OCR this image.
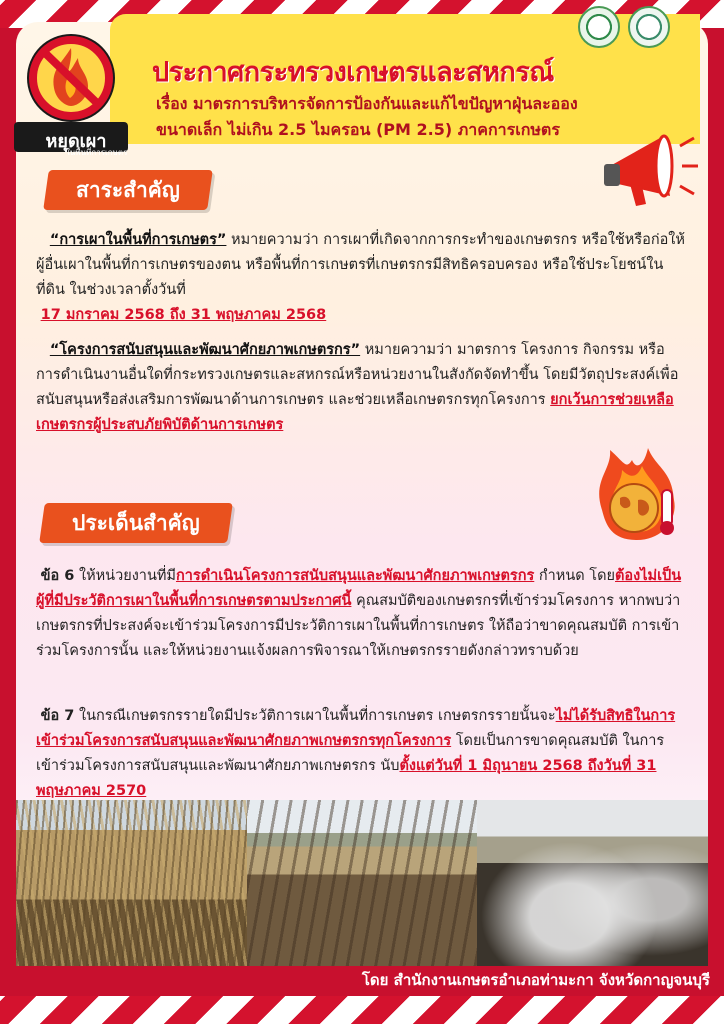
หยุดเผา
ในพื้นที่การเกษตร
ประกาศกระทรวงเกษตรและสหกรณ์
เรื่อง มาตรการบริหารจัดการป้องกันและแก้ไขปัญหาฝุ่นละออง
ขนาดเล็ก ไม่เกิน 2.5 ไมครอน (PM 2.5) ภาคการเกษตร
สาระสำคัญ
“การเผาในพื้นที่การเกษตร” หมายความว่า การเผาที่เกิดจากการกระทำของเกษตรกร หรือใช้หรือก่อให้ผู้อื่นเผาในพื้นที่การเกษตรของตน หรือพื้นที่การเกษตรที่เกษตรกรมีสิทธิครอบครอง หรือใช้ประโยชน์ในที่ดิน ในช่วงเวลาตั้งวันที่
17 มกราคม 2568 ถึง 31 พฤษภาคม 2568
“โครงการสนับสนุนและพัฒนาศักยภาพเกษตรกร” หมายความว่า มาตรการ โครงการ กิจกรรม หรือการดำเนินงานอื่นใดที่กระทรวงเกษตรและสหกรณ์หรือหน่วยงานในสังกัดจัดทำขึ้น โดยมีวัตถุประสงค์เพื่อสนับสนุนหรือส่งเสริมการพัฒนาด้านการเกษตร และช่วยเหลือเกษตรกรทุกโครงการ ยกเว้นการช่วยเหลือเกษตรกรผู้ประสบภัยพิบัติด้านการเกษตร
ประเด็นสำคัญ
ข้อ 6 ให้หน่วยงานที่มีการดำเนินโครงการสนับสนุนและพัฒนาศักยภาพเกษตรกร กำหนด โดยต้องไม่เป็นผู้ที่มีประวัติการเผาในพื้นที่การเกษตรตามประกาศนี้ คุณสมบัติของเกษตรกรที่เข้าร่วมโครงการ หากพบว่าเกษตรกรที่ประสงค์จะเข้าร่วมโครงการมีประวัติการเผาในพื้นที่การเกษตร ให้ถือว่าขาดคุณสมบัติ การเข้าร่วมโครงการนั้น และให้หน่วยงานแจ้งผลการพิจารณาให้เกษตรกรรายดังกล่าวทราบด้วย
ข้อ 7 ในกรณีเกษตรกรรายใดมีประวัติการเผาในพื้นที่การเกษตร เกษตรกรรายนั้นจะไม่ได้รับสิทธิในการเข้าร่วมโครงการสนับสนุนและพัฒนาศักยภาพเกษตรกรทุกโครงการ โดยเป็นการขาดคุณสมบัติ ในการเข้าร่วมโครงการสนับสนุนและพัฒนาศักยภาพเกษตรกร นับตั้งแต่วันที่ 1 มิถุนายน 2568 ถึงวันที่ 31 พฤษภาคม 2570
โดย สำนักงานเกษตรอำเภอท่ามะกา จังหวัดกาญจนบุรี
